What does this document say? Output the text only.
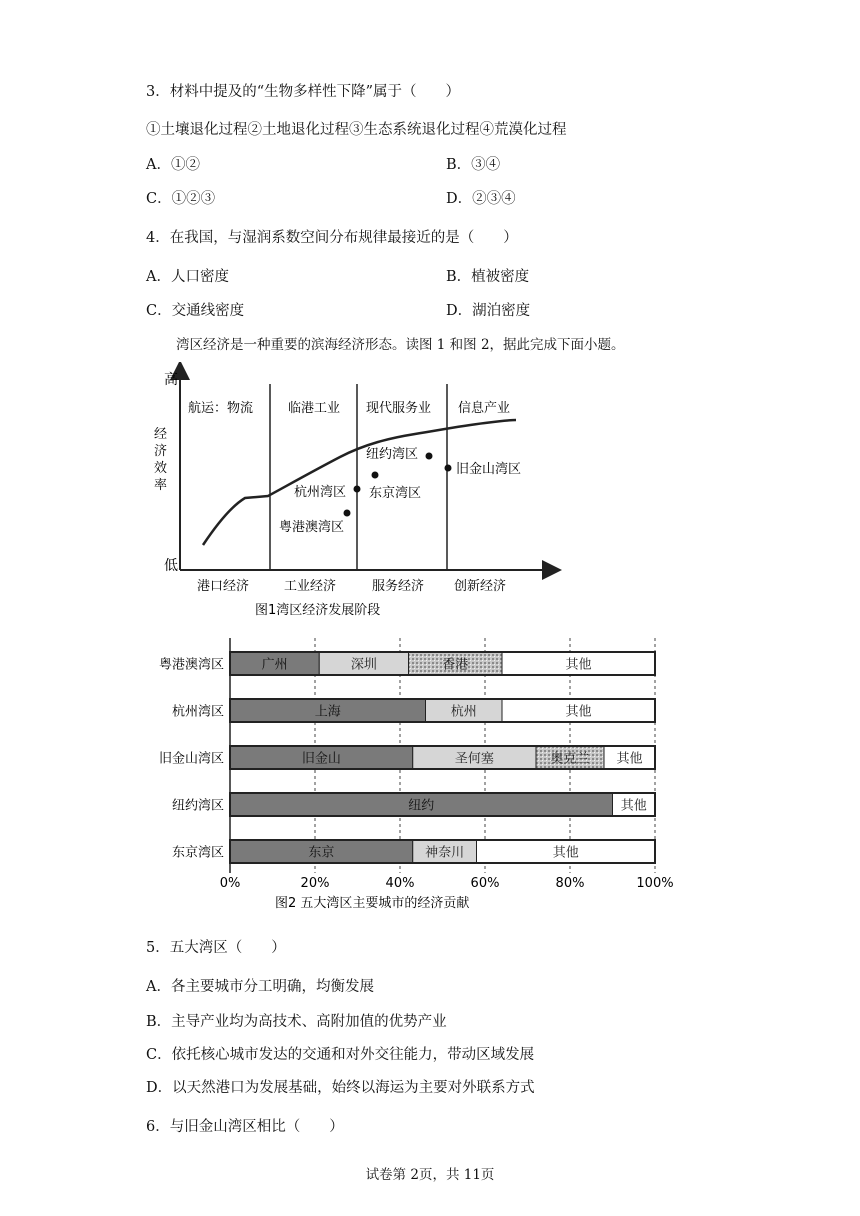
3．材料中提及的“生物多样性下降”属于（　　）
①土壤退化过程②土地退化过程③生态系统退化过程④荒漠化过程
A．①②	B．③④
C．①②③	D．②③④
4．在我国，与湿润系数空间分布规律最接近的是（　　）
A．人口密度	B．植被密度
C．交通线密度	D．湖泊密度
湾区经济是一种重要的滨海经济形态。读图 1 和图 2，据此完成下面小题。
高
低
经
济
效
率
航运：物流	临港工业 现代服务业 信息产业
纽约湾区
旧金山湾区
东京湾区
杭州湾区
粤港澳湾区
港口经济	工业经济	服务经济 创新经济
图1湾区经济发展阶段
粤港澳湾区	广州	深圳	香港	其他
杭州湾区	上海	杭州	其他
旧金山湾区	旧金山	圣何塞	奥克兰 其他
纽约湾区	纽约	其他
东京湾区	东京	神奈川	其他
0%	20%	40%	60%	80%	100%
图2 五大湾区主要城市的经济贡献
5．五大湾区（　　）
A．各主要城市分工明确，均衡发展
B．主导产业均为高技术、高附加值的优势产业
C．依托核心城市发达的交通和对外交往能力，带动区域发展
D．以天然港口为发展基础，始终以海运为主要对外联系方式
6．与旧金山湾区相比（　　）
试卷第 2页，共 11页
